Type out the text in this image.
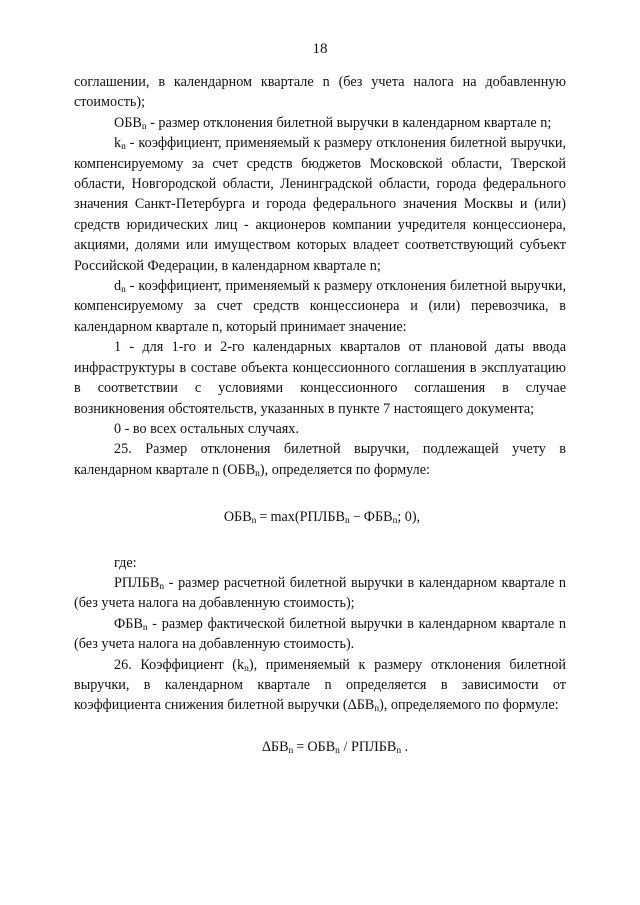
18

соглашении, в календарном квартале n (без учета налога на добавленную стоимость);

$ОБВ_n$ - размер отклонения билетной выручки в календарном квартале n;

$k_n$ - коэффициент, применяемый к размеру отклонения билетной выручки, компенсируемому за счет средств бюджетов Московской области, Тверской области, Новгородской области, Ленинградской области, города федерального значения Санкт-Петербурга и города федерального значения Москвы и (или) средств юридических лиц - акционеров компании учредителя концессионера, акциями, долями или имуществом которых владеет соответствующий субъект Российской Федерации, в календарном квартале n;

$d_n$ - коэффициент, применяемый к размеру отклонения билетной выручки, компенсируемому за счет средств концессионера и (или) перевозчика, в календарном квартале n, который принимает значение:

1 - для 1-го и 2-го календарных кварталов от плановой даты ввода инфраструктуры в составе объекта концессионного соглашения в эксплуатацию в соответствии с условиями концессионного соглашения в случае возникновения обстоятельств, указанных в пункте 7 настоящего документа;

0 - во всех остальных случаях.

25. Размер отклонения билетной выручки, подлежащей учету в календарном квартале n $(ОБВ_n)$, определяется по формуле:

$ОБВ_n$ = $\max(РПЛБВ_n - ФБВ_n$; 0),

где:

$РПЛБВ_n$ - размер расчетной билетной выручки в календарном квартале n (без учета налога на добавленную стоимость);

$ФБВ_n$ - размер фактической билетной выручки в календарном квартале n (без учета налога на добавленную стоимость).

26. Коэффициент $(k_n)$, применяемый к размеру отклонения билетной выручки, в календарном квартале n определяется в зависимости от коэффициента снижения билетной выручки $(\Delta БВ_n)$, определяемого по формуле:

$\Delta БВ_n = ОБВ_n$ / $РПЛБВ_n$ .
